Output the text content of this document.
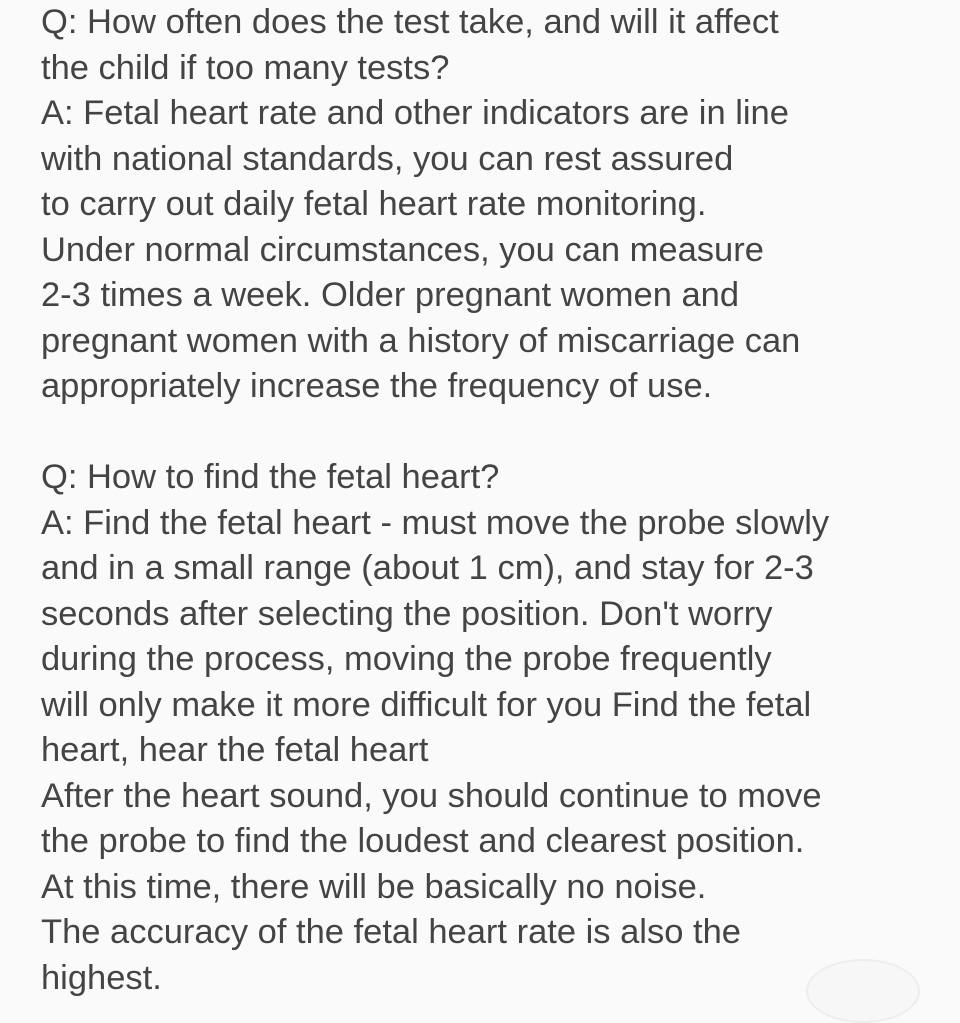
Q: How often does the test take, and will it affect
the child if too many tests?
A: Fetal heart rate and other indicators are in line
with national standards, you can rest assured
to carry out daily fetal heart rate monitoring.
Under normal circumstances, you can measure
2-3 times a week. Older pregnant women and
pregnant women with a history of miscarriage can
appropriately increase the frequency of use.
Q: How to find the fetal heart?
A: Find the fetal heart - must move the probe slowly
and in a small range (about 1 cm), and stay for 2-3
seconds after selecting the position. Don't worry
during the process, moving the probe frequently
will only make it more difficult for you Find the fetal
heart, hear the fetal heart
After the heart sound, you should continue to move
the probe to find the loudest and clearest position.
At this time, there will be basically no noise.
The accuracy of the fetal heart rate is also the
highest.
